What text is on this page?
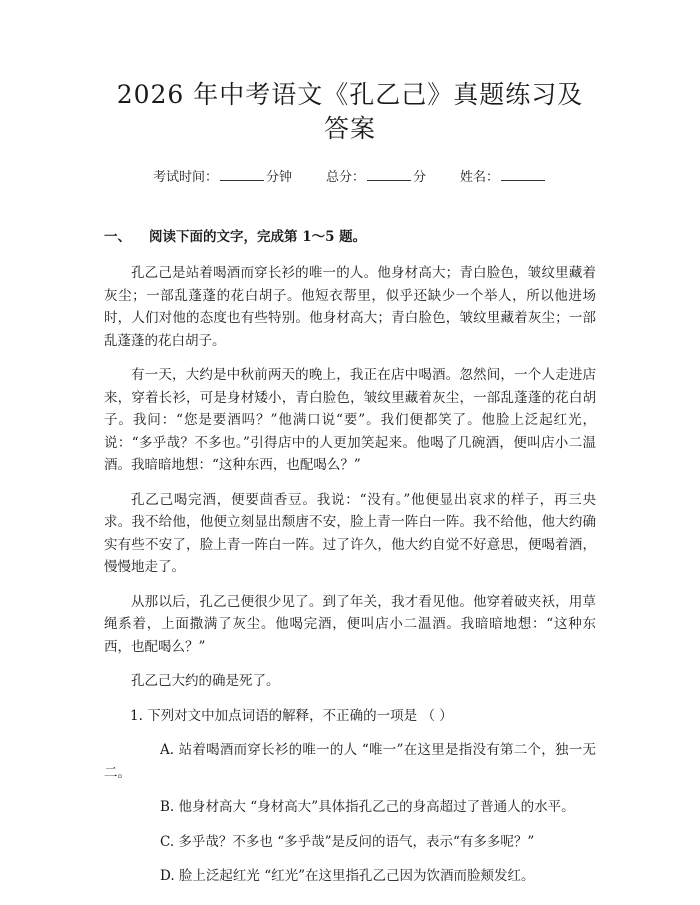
2026 年中考语文《孔乙己》真题练习及答案
考试时间：	分钟	总分：	分	姓名：
一、 阅读下面的文字，完成第 1～5 题。

孔乙己是站着喝酒而穿长衫的唯一的人。他身材高大；青白脸色，皱纹里藏着灰尘；一部乱蓬蓬的花白胡子。他短衣帮里，似乎还缺少一个举人，所以他进场时，人们对他的态度也有些特别。他身材高大；青白脸色，皱纹里藏着灰尘；一部乱蓬蓬的花白胡子。

有一天，大约是中秋前两天的晚上，我正在店中喝酒。忽然间，一个人走进店来，穿着长衫，可是身材矮小，青白脸色，皱纹里藏着灰尘，一部乱蓬蓬的花白胡子。我问：“您是要酒吗？”他满口说“要”。我们便都笑了。他脸上泛起红光，说：“多乎哉？不多也。”引得店中的人更加笑起来。他喝了几碗酒，便叫店小二温酒。我暗暗地想：“这种东西，也配喝么？”

孔乙己喝完酒，便要茴香豆。我说：“没有。”他便显出哀求的样子，再三央求。我不给他，他便立刻显出颓唐不安，脸上青一阵白一阵。我不给他，他大约确实有些不安了，脸上青一阵白一阵。过了许久，他大约自觉不好意思，便喝着酒，慢慢地走了。

从那以后，孔乙己便很少见了。到了年关，我才看见他。他穿着破夹袄，用草绳系着，上面撒满了灰尘。他喝完酒，便叫店小二温酒。我暗暗地想：“这种东西，也配喝么？”

孔乙己大约的确是死了。

1. 下列对文中加点词语的解释，不正确的一项是 （ ）

A. 站着喝酒而穿长衫的唯一的人 “唯一”在这里是指没有第二个，独一无二。

B. 他身材高大 “身材高大”具体指孔乙己的身高超过了普通人的水平。

C. 多乎哉？不多也 “多乎哉”是反问的语气，表示“有多多呢？”

D. 脸上泛起红光 “红光”在这里指孔乙己因为饮酒而脸颊发红。
